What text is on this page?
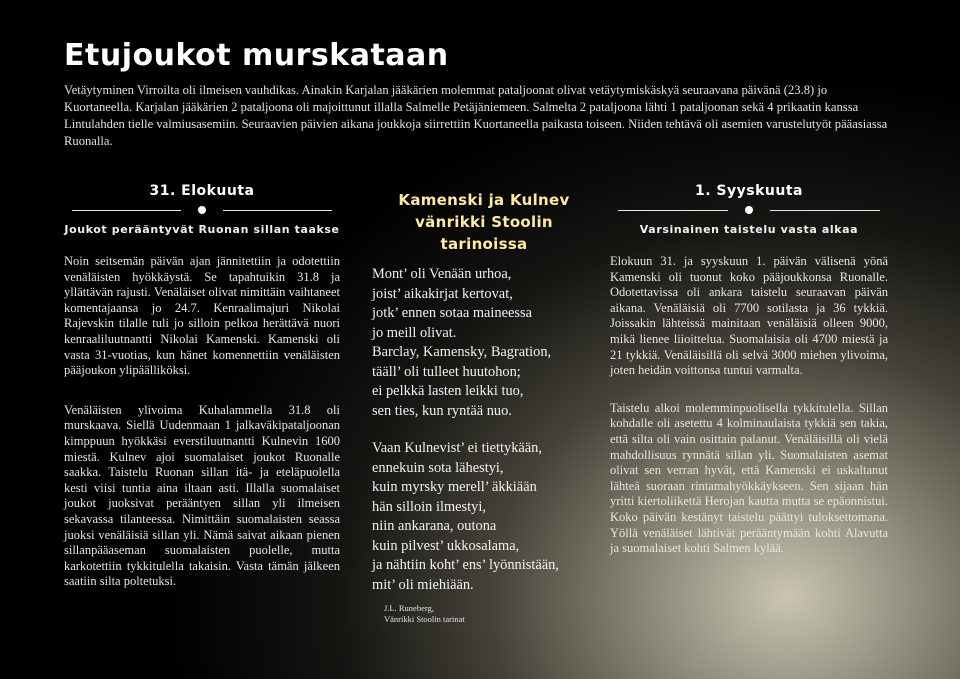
Etujoukot murskataan

Vetäytyminen Virroilta oli ilmeisen vauhdikas. Ainakin Karjalan jääkärien molemmat pataljoonat olivat vetäytymiskäskyä seuraavana päivänä (23.8) jo Kuortaneella. Karjalan jääkärien 2 pataljoona oli majoittunut illalla Salmelle Petäjäniemeen. Salmelta 2 pataljoona lähti 1 pataljoonan sekä 4 prikaatin kanssa Lintulahden tielle valmiusasemiin. Seuraavien päivien aikana joukkoja siirrettiin Kuortaneella paikasta toiseen. Niiden tehtävä oli asemien varustelutyöt pääasiassa Ruonalla.

31. Elokuuta
Joukot perääntyvät Ruonan sillan taakse

Noin seitsemän päivän ajan jännitettiin ja odotettiin venäläisten hyökkäystä. Se tapahtuikin 31.8 ja yllättävän rajusti. Venäläiset olivat nimittäin vaihtaneet komentajaansa jo 24.7. Kenraalimajuri Nikolai Rajevskin tilalle tuli jo silloin pelkoa herättävä nuori kenraaliluutnantti Nikolai Kamenski. Kamenski oli vasta 31-vuotias, kun hänet komennettiin venäläisten pääjoukon ylipäälliköksi.

Venäläisten ylivoima Kuhalammella 31.8 oli murskaava. Siellä Uudenmaan 1 jalkaväkipataljoonan kimppuun hyökkäsi everstiluutnantti Kulnevin 1600 miestä. Kulnev ajoi suomalaiset joukot Ruonalle saakka. Taistelu Ruonan sillan itä- ja eteläpuolella kesti viisi tuntia aina iltaan asti. Illalla suomalaiset joukot juoksivat perääntyen sillan yli ilmeisen sekavassa tilanteessa. Nimittäin suomalaisten seassa juoksi venäläisiä sillan yli. Nämä saivat aikaan pienen sillanpääaseman suomalaisten puolelle, mutta karkotettiin tykkitulella takaisin. Vasta tämän jälkeen saatiin silta poltetuksi.

Kamenski ja Kulnev
vänrikki Stoolin tarinoissa
Mont’ oli Venään urhoa,
joist’ aikakirjat kertovat,
jotk’ ennen sotaa maineessa
jo meill olivat.
Barclay, Kamensky, Bagration,
tääll’ oli tulleet huutohon;
ei pelkkä lasten leikki tuo,
sen ties, kun ryntää nuo.
Vaan Kulnevist’ ei tiettykään,
ennekuin sota lähestyi,
kuin myrsky merell’ äkkiään
hän silloin ilmestyi,
niin ankarana, outona
kuin pilvest’ ukkosalama,
ja nähtiin koht’ ens’ lyönnistään,
mit’ oli miehiään.
J.L. Runeberg,
Vänrikki Stoolin tarinat
1. Syyskuuta
Varsinainen taistelu vasta alkaa

Elokuun 31. ja syyskuun 1. päivän välisenä yönä Kamenski oli tuonut koko pääjoukkonsa Ruonalle. Odotettavissa oli ankara taistelu seuraavan päivän aikana. Venäläisiä oli 7700 sotilasta ja 36 tykkiä. Joissakin lähteissä mainitaan venäläisiä olleen 9000, mikä lienee liioittelua. Suomalaisia oli 4700 miestä ja 21 tykkiä. Venäläisillä oli selvä 3000 miehen ylivoima, joten heidän voittonsa tuntui varmalta.

Taistelu alkoi molemminpuolisella tykkitulella. Sillan kohdalle oli asetettu 4 kolminaulaista tykkiä sen takia, että silta oli vain osittain palanut. Venäläisillä oli vielä mahdollisuus rynnätä sillan yli. Suomalaisten asemat olivat sen verran hyvät, että Kamenski ei uskaltanut lähteä suoraan rintamahyökkäykseen. Sen sijaan hän yritti kiertoliikettä Herojan kautta mutta se epäonnistui. Koko päivän kestänyt taistelu päättyi tuloksettomana. Yöllä venäläiset lähtivät perääntymään kohti Alavutta ja suomalaiset kohti Salmen kylää.
